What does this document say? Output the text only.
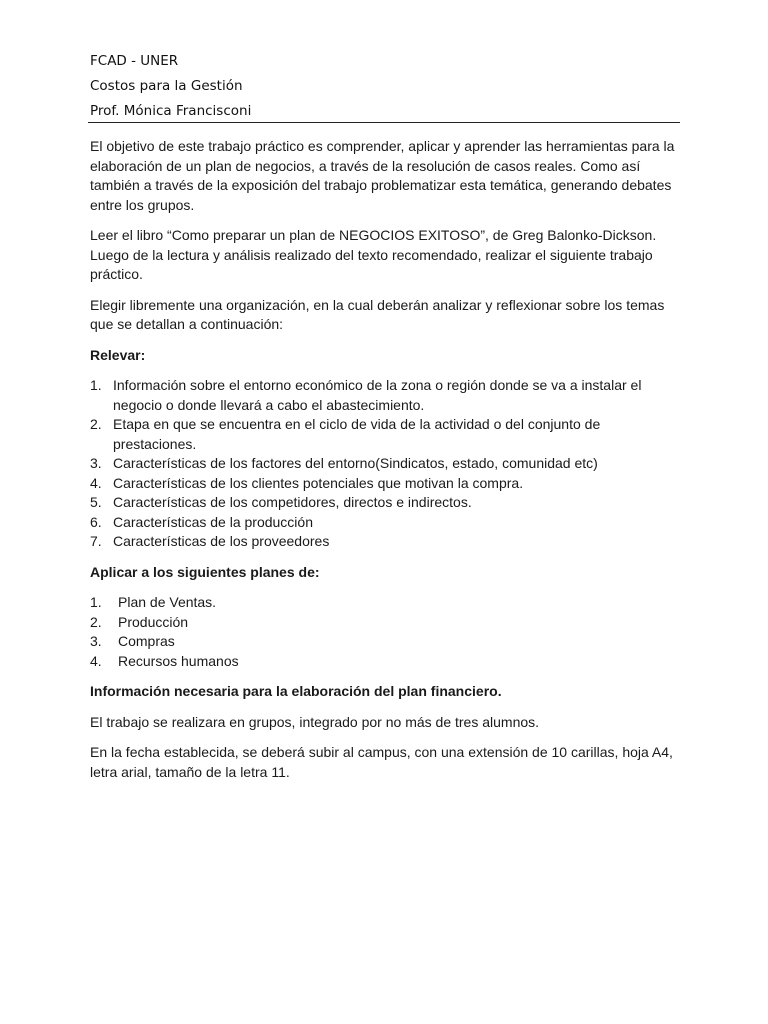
FCAD - UNER
Costos para la Gestión
Prof. Mónica Francisconi

El objetivo de este trabajo práctico es comprender, aplicar y aprender las herramientas para la elaboración de un plan de negocios, a través de la resolución de casos reales. Como así también a través de la exposición del trabajo problematizar esta temática, generando debates entre los grupos.

Leer el libro “Como preparar un plan de NEGOCIOS EXITOSO”, de Greg Balonko-Dickson. Luego de la lectura y análisis realizado del texto recomendado, realizar el siguiente trabajo práctico.

Elegir libremente una organización, en la cual deberán analizar y reflexionar sobre los temas que se detallan a continuación:

Relevar:

1. Información sobre el entorno económico de la zona o región donde se va a instalar el negocio o donde llevará a cabo el abastecimiento.
2. Etapa en que se encuentra en el ciclo de vida de la actividad o del conjunto de prestaciones.
3. Características de los factores del entorno(Sindicatos, estado, comunidad etc)
4. Características de los clientes potenciales que motivan la compra.
5. Características de los competidores, directos e indirectos.
6. Características de la producción
7. Características de los proveedores

Aplicar a los siguientes planes de:

1. Plan de Ventas.
2. Producción
3. Compras
4. Recursos humanos

Información necesaria para la elaboración del plan financiero.

El trabajo se realizara en grupos, integrado por no más de tres alumnos.

En la fecha establecida, se deberá subir al campus, con una extensión de 10 carillas, hoja A4, letra arial, tamaño de la letra 11.
